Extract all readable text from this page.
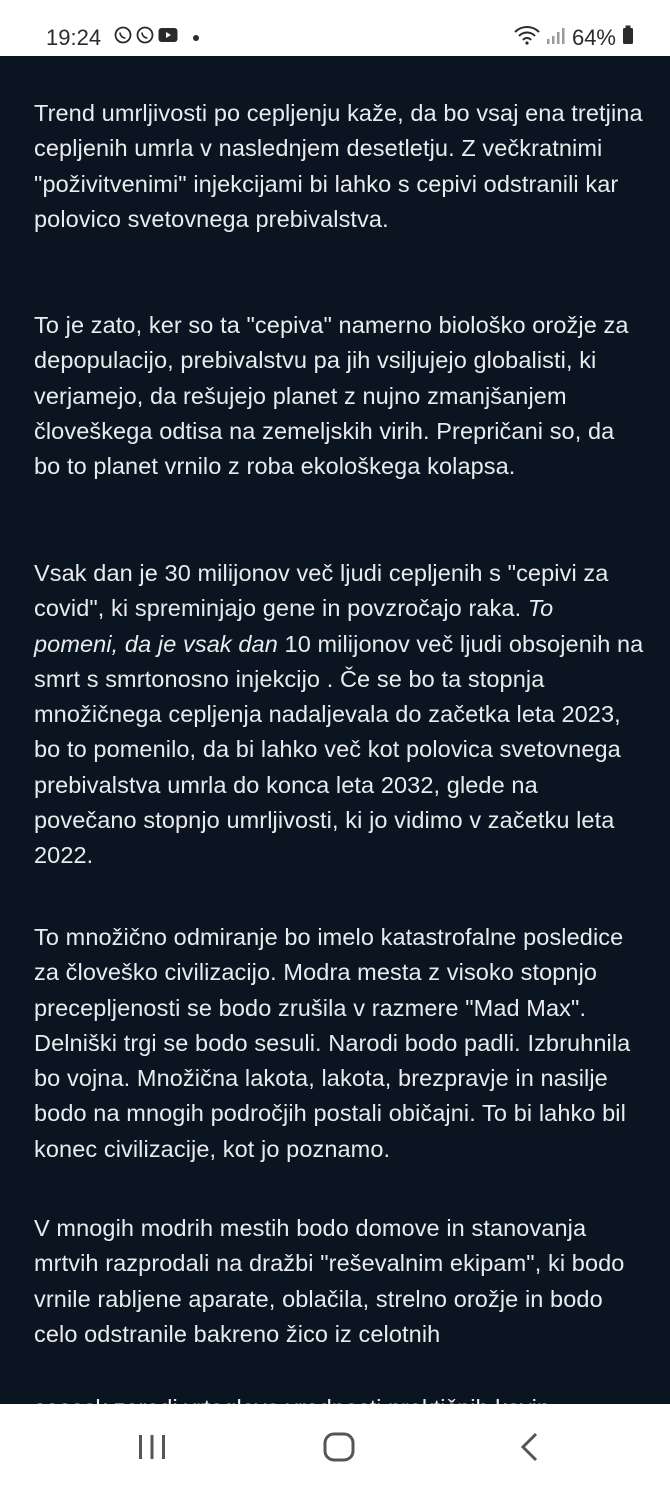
19:24	64%

Trend umrljivosti po cepljenju kaže, da bo vsaj ena tretjina cepljenih umrla v naslednjem desetletju. Z večkratnimi "poživitvenimi" injekcijami bi lahko s cepivi odstranili kar polovico svetovnega prebivalstva.

To je zato, ker so ta "cepiva" namerno biološko orožje za depopulacijo, prebivalstvu pa jih vsiljujejo globalisti, ki verjamejo, da rešujejo planet z nujno zmanjšanjem človeškega odtisa na zemeljskih virih. Prepričani so, da bo to planet vrnilo z roba ekološkega kolapsa.

Vsak dan je 30 milijonov več ljudi cepljenih s "cepivi za covid", ki spreminjajo gene in povzročajo raka. To pomeni, da je vsak dan 10 milijonov več ljudi obsojenih na smrt s smrtonosno injekcijo . Če se bo ta stopnja množičnega cepljenja nadaljevala do začetka leta 2023, bo to pomenilo, da bi lahko več kot polovica svetovnega prebivalstva umrla do konca leta 2032, glede na povečano stopnjo umrljivosti, ki jo vidimo v začetku leta 2022.

To množično odmiranje bo imelo katastrofalne posledice za človeško civilizacijo. Modra mesta z visoko stopnjo precepljenosti se bodo zrušila v razmere "Mad Max". Delniški trgi se bodo sesuli. Narodi bodo padli. Izbruhnila bo vojna. Množična lakota, lakota, brezpravje in nasilje bodo na mnogih področjih postali običajni. To bi lahko bil konec civilizacije, kot jo poznamo.

V mnogih modrih mestih bodo domove in stanovanja mrtvih razprodali na dražbi "reševalnim ekipam", ki bodo vrnile rabljene aparate, oblačila, strelno orožje in bodo celo odstranile bakreno žico iz celotnih
